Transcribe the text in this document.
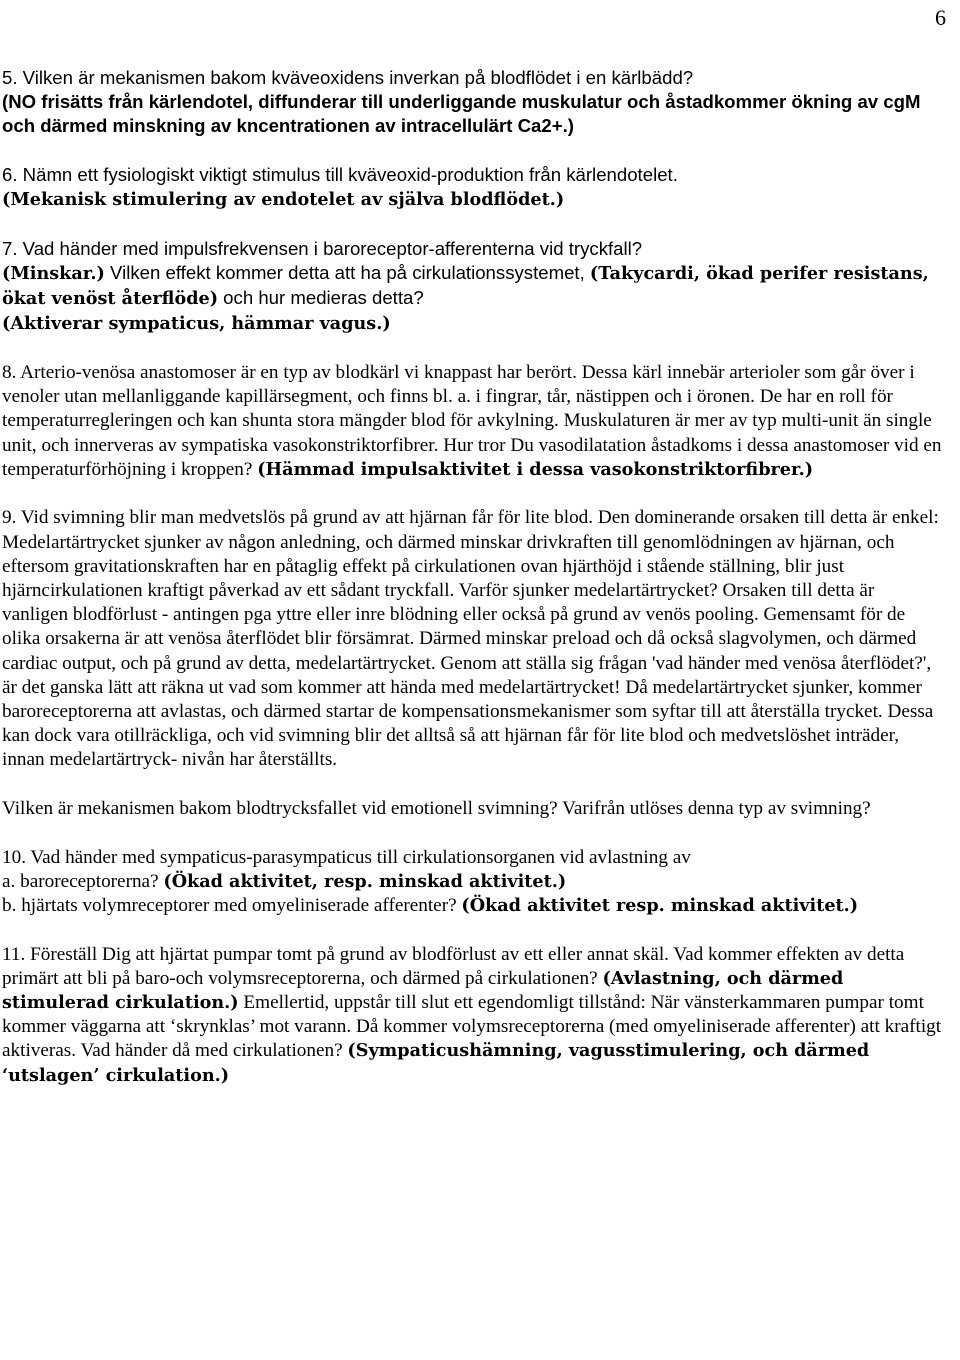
6

5. Vilken är mekanismen bakom kväveoxidens inverkan på blodflödet i en kärlbädd?
(NO frisätts från kärlendotel, diffunderar till underliggande muskulatur och åstadkommer ökning av cgM och därmed minskning av kncentrationen av intracellulärt Ca2+.)

6. Nämn ett fysiologiskt viktigt stimulus till kväveoxid-produktion från kärlendotelet.
(Mekanisk stimulering av endotelet av själva blodflödet.)

7. Vad händer med impulsfrekvensen i baroreceptor-afferenterna vid tryckfall?
(Minskar.) Vilken effekt kommer detta att ha på cirkulationssystemet, (Takycardi, ökad perifer resistans, ökat venöst återflöde) och hur medieras detta?
(Aktiverar sympaticus, hämmar vagus.)

8. Arterio-venösa anastomoser är en typ av blodkärl vi knappast har berört. Dessa kärl innebär arterioler som går över i venoler utan mellanliggande kapillärsegment, och finns bl. a. i fingrar, tår, nästippen och i öronen. De har en roll för temperaturregleringen och kan shunta stora mängder blod för avkylning. Muskulaturen är mer av typ multi-unit än single unit, och innerveras av sympatiska vasokonstriktorfibrer. Hur tror Du vasodilatation åstadkoms i dessa anastomoser vid en temperaturförhöjning i kroppen? (Hämmad impulsaktivitet i dessa vasokonstriktorfibrer.)

9. Vid svimning blir man medvetslös på grund av att hjärnan får för lite blod. Den dominerande orsaken till detta är enkel: Medelartärtrycket sjunker av någon anledning, och därmed minskar drivkraften till genomlödningen av hjärnan, och eftersom gravitationskraften har en påtaglig effekt på cirkulationen ovan hjärthöjd i stående ställning, blir just hjärncirkulationen kraftigt påverkad av ett sådant tryckfall. Varför sjunker medelartärtrycket? Orsaken till detta är vanligen blodförlust - antingen pga yttre eller inre blödning eller också på grund av venös pooling. Gemensamt för de olika orsakerna är att venösa återflödet blir försämrat. Därmed minskar preload och då också slagvolymen, och därmed cardiac output, och på grund av detta, medelartärtrycket. Genom att ställa sig frågan 'vad händer med venösa återflödet?', är det ganska lätt att räkna ut vad som kommer att hända med medelartärtrycket! Då medelartärtrycket sjunker, kommer baroreceptorerna att avlastas, och därmed startar de kompensationsmekanismer som syftar till att återställa trycket. Dessa kan dock vara otillräckliga, och vid svimning blir det alltså så att hjärnan får för lite blod och medvetslöshet inträder, innan medelartärtryck- nivån har återställts.

Vilken är mekanismen bakom blodtrycksfallet vid emotionell svimning? Varifrån utlöses denna typ av svimning?

10. Vad händer med sympaticus-parasympaticus till cirkulationsorganen vid avlastning av
a. baroreceptorerna? (Ökad aktivitet, resp. minskad aktivitet.)
b. hjärtats volymreceptorer med omyeliniserade afferenter? (Ökad aktivitet resp. minskad aktivitet.)

11. Föreställ Dig att hjärtat pumpar tomt på grund av blodförlust av ett eller annat skäl. Vad kommer effekten av detta primärt att bli på baro-och volymsreceptorerna, och därmed på cirkulationen? (Avlastning, och därmed stimulerad cirkulation.) Emellertid, uppstår till slut ett egendomligt tillstånd: När vänsterkammaren pumpar tomt kommer väggarna att ‘skrynklas’ mot varann. Då kommer volymsreceptorerna (med omyeliniserade afferenter) att kraftigt aktiveras. Vad händer då med cirkulationen? (Sympaticushämning, vagusstimulering, och därmed ‘utslagen’ cirkulation.)
